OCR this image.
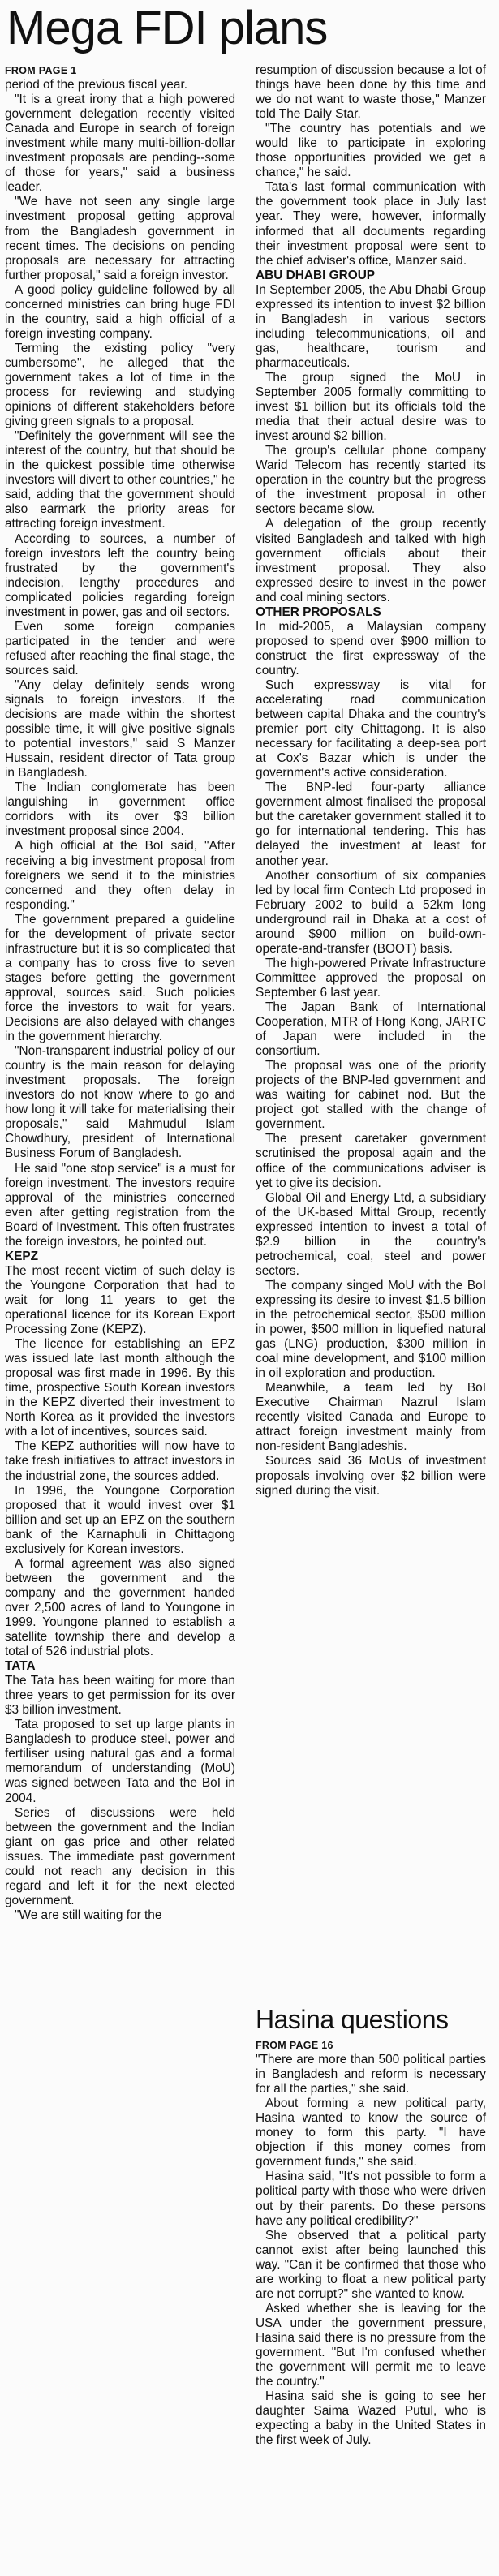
Mega FDI plans

FROM PAGE 1

period of the previous fiscal year.

"It is a great irony that a high powered government delegation recently visited Canada and Europe in search of foreign investment while many multi-billion-dollar investment proposals are pending--some of those for years," said a business leader.

"We have not seen any single large investment proposal getting approval from the Bangladesh government in recent times. The decisions on pending proposals are necessary for attracting further proposal," said a foreign investor.

A good policy guideline followed by all concerned ministries can bring huge FDI in the country, said a high official of a foreign investing company.

Terming the existing policy "very cumbersome", he alleged that the government takes a lot of time in the process for reviewing and studying opinions of different stakeholders before giving green signals to a proposal.

"Definitely the government will see the interest of the country, but that should be in the quickest possible time otherwise investors will divert to other countries," he said, adding that the government should also earmark the priority areas for attracting foreign investment.

According to sources, a number of foreign investors left the country being frustrated by the government's indecision, lengthy procedures and complicated policies regarding foreign investment in power, gas and oil sectors.

Even some foreign companies participated in the tender and were refused after reaching the final stage, the sources said.

"Any delay definitely sends wrong signals to foreign investors. If the decisions are made within the shortest possible time, it will give positive signals to potential investors," said S Manzer Hussain, resident director of Tata group in Bangladesh.

The Indian conglomerate has been languishing in government office corridors with its over $3 billion investment proposal since 2004.

A high official at the BoI said, "After receiving a big investment proposal from foreigners we send it to the ministries concerned and they often delay in responding."

The government prepared a guideline for the development of private sector infrastructure but it is so complicated that a company has to cross five to seven stages before getting the government approval, sources said. Such policies force the investors to wait for years. Decisions are also delayed with changes in the government hierarchy.

"Non-transparent industrial policy of our country is the main reason for delaying investment proposals. The foreign investors do not know where to go and how long it will take for materialising their proposals," said Mahmudul Islam Chowdhury, president of International Business Forum of Bangladesh.

He said "one stop service" is a must for foreign investment. The investors require approval of the ministries concerned even after getting registration from the Board of Investment. This often frustrates the foreign investors, he pointed out.

KEPZ

The most recent victim of such delay is the Youngone Corporation that had to wait for long 11 years to get the operational licence for its Korean Export Processing Zone (KEPZ).

The licence for establishing an EPZ was issued late last month although the proposal was first made in 1996. By this time, prospective South Korean investors in the KEPZ diverted their investment to North Korea as it provided the investors with a lot of incentives, sources said.

The KEPZ authorities will now have to take fresh initiatives to attract investors in the industrial zone, the sources added.

In 1996, the Youngone Corporation proposed that it would invest over $1 billion and set up an EPZ on the southern bank of the Karnaphuli in Chittagong exclusively for Korean investors.

A formal agreement was also signed between the government and the company and the government handed over 2,500 acres of land to Youngone in 1999. Youngone planned to establish a satellite township there and develop a total of 526 industrial plots.

TATA

The Tata has been waiting for more than three years to get permission for its over $3 billion investment.

Tata proposed to set up large plants in Bangladesh to produce steel, power and fertiliser using natural gas and a formal memorandum of understanding (MoU) was signed between Tata and the BoI in 2004.

Series of discussions were held between the government and the Indian giant on gas price and other related issues. The immediate past government could not reach any decision in this regard and left it for the next elected government.

"We are still waiting for the

resumption of discussion because a lot of things have been done by this time and we do not want to waste those," Manzer told The Daily Star.

"The country has potentials and we would like to participate in exploring those opportunities provided we get a chance," he said.

Tata's last formal communication with the government took place in July last year. They were, however, informally informed that all documents regarding their investment proposal were sent to the chief adviser's office, Manzer said.

ABU DHABI GROUP

In September 2005, the Abu Dhabi Group expressed its intention to invest $2 billion in Bangladesh in various sectors including telecommunications, oil and gas, healthcare, tourism and pharmaceuticals.

The group signed the MoU in September 2005 formally committing to invest $1 billion but its officials told the media that their actual desire was to invest around $2 billion.

The group's cellular phone company Warid Telecom has recently started its operation in the country but the progress of the investment proposal in other sectors became slow.

A delegation of the group recently visited Bangladesh and talked with high government officials about their investment proposal. They also expressed desire to invest in the power and coal mining sectors.

OTHER PROPOSALS

In mid-2005, a Malaysian company proposed to spend over $900 million to construct the first expressway of the country.

Such expressway is vital for accelerating road communication between capital Dhaka and the country's premier port city Chittagong. It is also necessary for facilitating a deep-sea port at Cox's Bazar which is under the government's active consideration.

The BNP-led four-party alliance government almost finalised the proposal but the caretaker government stalled it to go for international tendering. This has delayed the investment at least for another year.

Another consortium of six companies led by local firm Contech Ltd proposed in February 2002 to build a 52km long underground rail in Dhaka at a cost of around $900 million on build-own-operate-and-transfer (BOOT) basis.

The high-powered Private Infrastructure Committee approved the proposal on September 6 last year.

The Japan Bank of International Cooperation, MTR of Hong Kong, JARTC of Japan were included in the consortium.

The proposal was one of the priority projects of the BNP-led government and was waiting for cabinet nod. But the project got stalled with the change of government.

The present caretaker government scrutinised the proposal again and the office of the communications adviser is yet to give its decision.

Global Oil and Energy Ltd, a subsidiary of the UK-based Mittal Group, recently expressed intention to invest a total of $2.9 billion in the country's petrochemical, coal, steel and power sectors.

The company singed MoU with the BoI expressing its desire to invest $1.5 billion in the petrochemical sector, $500 million in power, $500 million in liquefied natural gas (LNG) production, $300 million in coal mine development, and $100 million in oil exploration and production.

Meanwhile, a team led by BoI Executive Chairman Nazrul Islam recently visited Canada and Europe to attract foreign investment mainly from non-resident Bangladeshis.

Sources said 36 MoUs of investment proposals involving over $2 billion were signed during the visit.

Hasina questions

FROM PAGE 16

"There are more than 500 political parties in Bangladesh and reform is necessary for all the parties," she said.

About forming a new political party, Hasina wanted to know the source of money to form this party. "I have objection if this money comes from government funds," she said.

Hasina said, "It's not possible to form a political party with those who were driven out by their parents. Do these persons have any political credibility?"

She observed that a political party cannot exist after being launched this way. "Can it be confirmed that those who are working to float a new political party are not corrupt?" she wanted to know.

Asked whether she is leaving for the USA under the government pressure, Hasina said there is no pressure from the government. "But I'm confused whether the government will permit me to leave the country."

Hasina said she is going to see her daughter Saima Wazed Putul, who is expecting a baby in the United States in the first week of July.
